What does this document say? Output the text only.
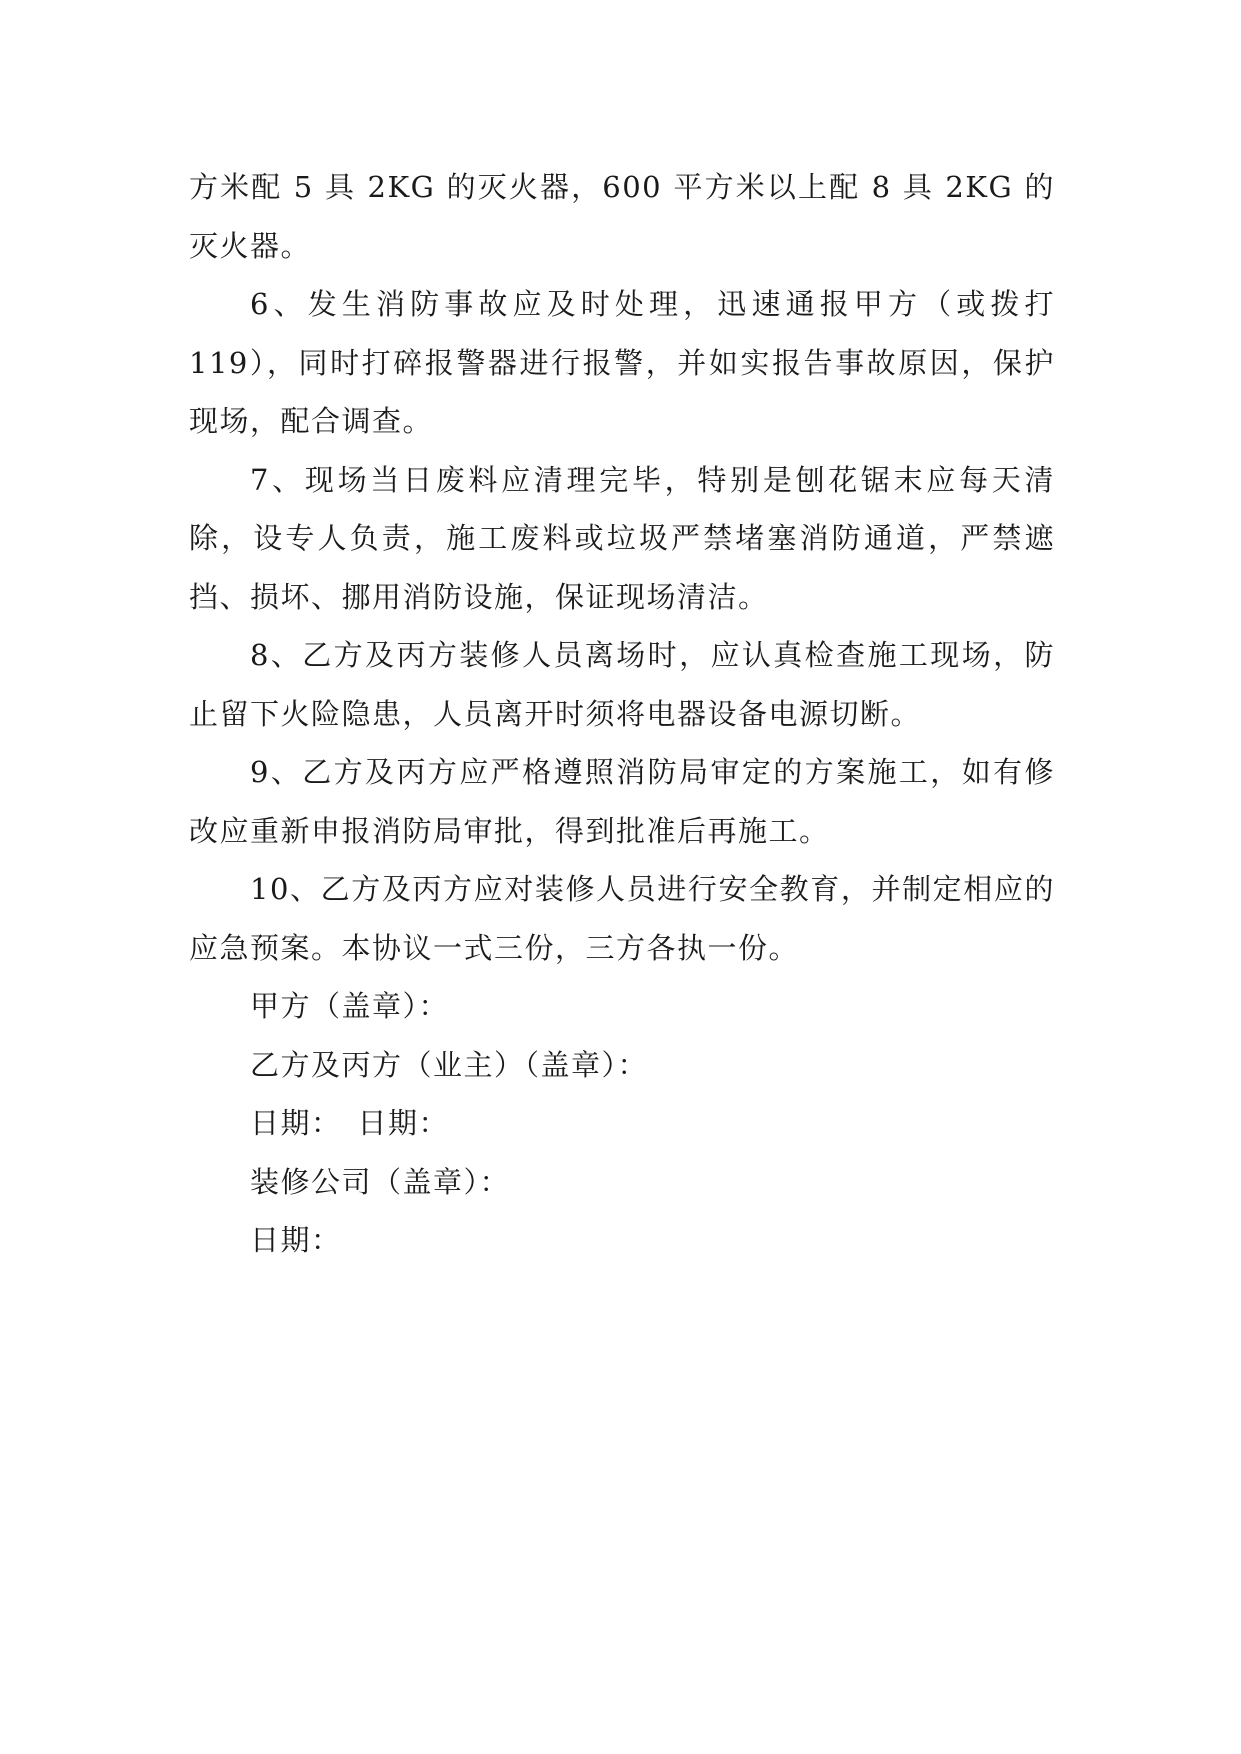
方米配 5 具 2KG 的灭火器，600 平方米以上配 8 具 2KG 的灭火器。

6、发生消防事故应及时处理，迅速通报甲方（或拨打119），同时打碎报警器进行报警，并如实报告事故原因，保护现场，配合调查。

7、现场当日废料应清理完毕，特别是刨花锯末应每天清除，设专人负责，施工废料或垃圾严禁堵塞消防通道，严禁遮挡、损坏、挪用消防设施，保证现场清洁。

8、乙方及丙方装修人员离场时，应认真检查施工现场，防止留下火险隐患，人员离开时须将电器设备电源切断。

9、乙方及丙方应严格遵照消防局审定的方案施工，如有修改应重新申报消防局审批，得到批准后再施工。

10、乙方及丙方应对装修人员进行安全教育，并制定相应的应急预案。本协议一式三份，三方各执一份。

甲方（盖章）：

乙方及丙方（业主）（盖章）：

日期：　日期：

装修公司（盖章）：

日期：
